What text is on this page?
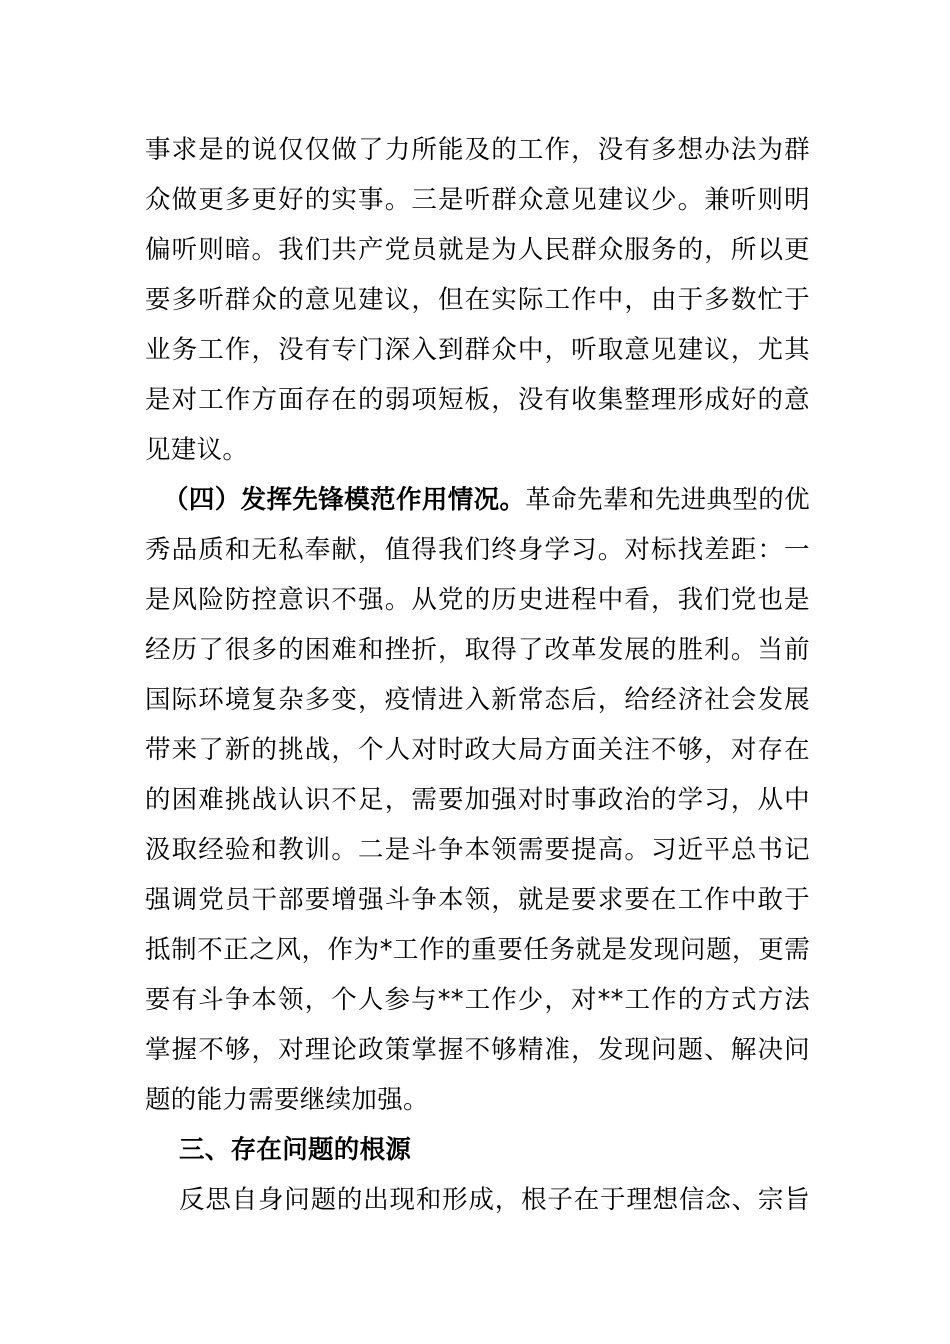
事求是的说仅仅做了力所能及的工作，没有多想办法为群
众做更多更好的实事。三是听群众意见建议少。兼听则明
偏听则暗。我们共产党员就是为人民群众服务的，所以更
要多听群众的意见建议，但在实际工作中，由于多数忙于
业务工作，没有专门深入到群众中，听取意见建议，尤其
是对工作方面存在的弱项短板，没有收集整理形成好的意
见建议。
（四）发挥先锋模范作用情况。革命先辈和先进典型的优
秀品质和无私奉献，值得我们终身学习。对标找差距：一
是风险防控意识不强。从党的历史进程中看，我们党也是
经历了很多的困难和挫折，取得了改革发展的胜利。当前
国际环境复杂多变，疫情进入新常态后，给经济社会发展
带来了新的挑战，个人对时政大局方面关注不够，对存在
的困难挑战认识不足，需要加强对时事政治的学习，从中
汲取经验和教训。二是斗争本领需要提高。习近平总书记
强调党员干部要增强斗争本领，就是要求要在工作中敢于
抵制不正之风，作为*工作的重要任务就是发现问题，更需
要有斗争本领，个人参与**工作少，对**工作的方式方法
掌握不够，对理论政策掌握不够精准，发现问题、解决问
题的能力需要继续加强。
三、存在问题的根源
反思自身问题的出现和形成，根子在于理想信念、宗旨
